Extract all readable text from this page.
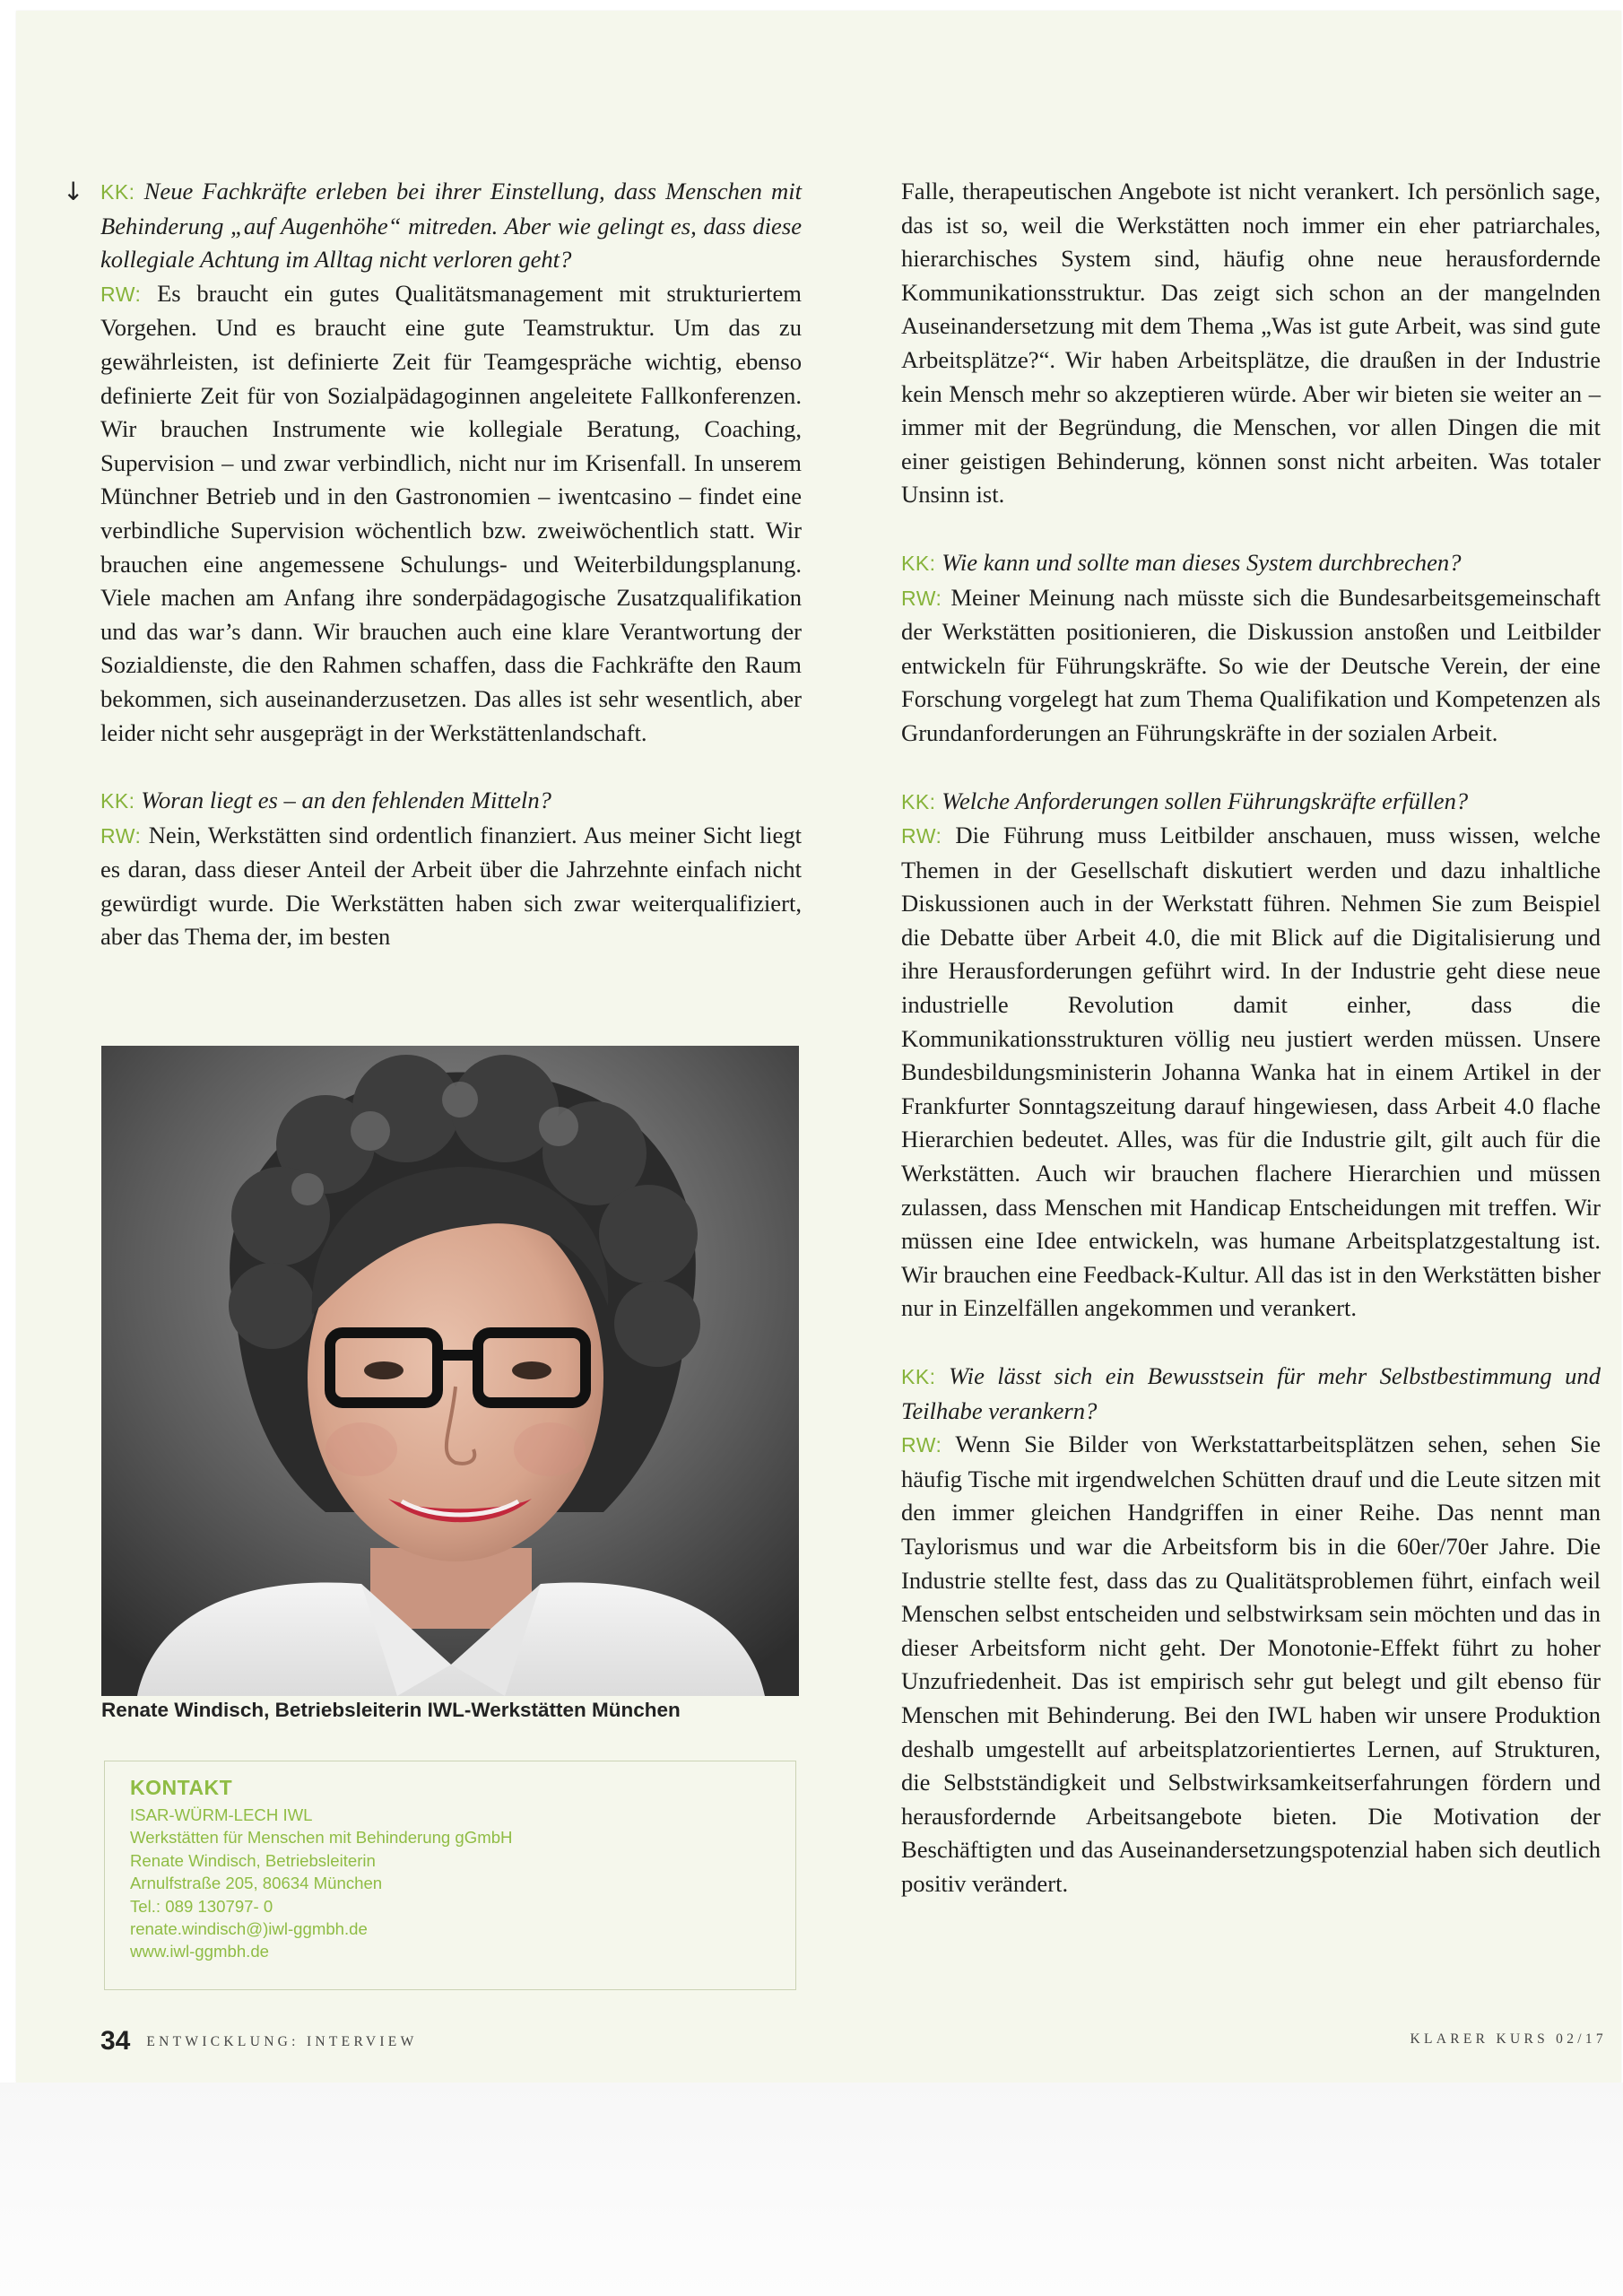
↓ KK: Neue Fachkräfte erleben bei ihrer Einstellung, dass Menschen mit Behinderung „auf Augenhöhe“ mitreden. Aber wie gelingt es, dass diese kollegiale Achtung im Alltag nicht verloren geht?

RW: Es braucht ein gutes Qualitätsmanagement mit strukturiertem Vorgehen. Und es braucht eine gute Teamstruktur. Um das zu gewährleisten, ist definierte Zeit für Teamgespräche wichtig, ebenso definierte Zeit für von Sozialpädagoginnen angeleitete Fallkonferenzen. Wir brauchen Instrumente wie kollegiale Beratung, Coaching, Supervision – und zwar verbindlich, nicht nur im Krisenfall. In unserem Münchner Betrieb und in den Gastronomien – iwentcasino – findet eine verbindliche Supervision wöchentlich bzw. zweiwöchentlich statt. Wir brauchen eine angemessene Schulungs- und Weiterbildungsplanung. Viele machen am Anfang ihre sonderpädagogische Zusatzqualifikation und das war’s dann. Wir brauchen auch eine klare Verantwortung der Sozialdienste, die den Rahmen schaffen, dass die Fachkräfte den Raum bekommen, sich auseinanderzusetzen. Das alles ist sehr wesentlich, aber leider nicht sehr ausgeprägt in der Werkstättenlandschaft.

KK: Woran liegt es – an den fehlenden Mitteln?

RW: Nein, Werkstätten sind ordentlich finanziert. Aus meiner Sicht liegt es daran, dass dieser Anteil der Arbeit über die Jahrzehnte einfach nicht gewürdigt wurde. Die Werkstätten haben sich zwar weiterqualifiziert, aber das Thema der, im besten

Renate Windisch, Betriebsleiterin IWL-Werkstätten München
KONTAKT
ISAR-WÜRM-LECH IWL
Werkstätten für Menschen mit Behinderung gGmbH
Renate Windisch, Betriebsleiterin
Arnulfstraße 205, 80634 München
Tel.: 089 130797- 0
renate.windisch@)iwl-ggmbh.de
www.iwl-ggmbh.de

Falle, therapeutischen Angebote ist nicht verankert. Ich persönlich sage, das ist so, weil die Werkstätten noch immer ein eher patriarchales, hierarchisches System sind, häufig ohne neue herausfordernde Kommunikationsstruktur. Das zeigt sich schon an der mangelnden Auseinandersetzung mit dem Thema „Was ist gute Arbeit, was sind gute Arbeitsplätze?“. Wir haben Arbeitsplätze, die draußen in der Industrie kein Mensch mehr so akzeptieren würde. Aber wir bieten sie weiter an – immer mit der Begründung, die Menschen, vor allen Dingen die mit einer geistigen Behinderung, können sonst nicht arbeiten. Was totaler Unsinn ist.

KK: Wie kann und sollte man dieses System durchbrechen?

RW: Meiner Meinung nach müsste sich die Bundesarbeitsgemeinschaft der Werkstätten positionieren, die Diskussion anstoßen und Leitbilder entwickeln für Führungskräfte. So wie der Deutsche Verein, der eine Forschung vorgelegt hat zum Thema Qualifikation und Kompetenzen als Grundanforderungen an Führungskräfte in der sozialen Arbeit.

KK: Welche Anforderungen sollen Führungskräfte erfüllen?

RW: Die Führung muss Leitbilder anschauen, muss wissen, welche Themen in der Gesellschaft diskutiert werden und dazu inhaltliche Diskussionen auch in der Werkstatt führen. Nehmen Sie zum Beispiel die Debatte über Arbeit 4.0, die mit Blick auf die Digitalisierung und ihre Herausforderungen geführt wird. In der Industrie geht diese neue industrielle Revolution damit einher, dass die Kommunikationsstrukturen völlig neu justiert werden müssen. Unsere Bundesbildungsministerin Johanna Wanka hat in einem Artikel in der Frankfurter Sonntagszeitung darauf hingewiesen, dass Arbeit 4.0 flache Hierarchien bedeutet. Alles, was für die Industrie gilt, gilt auch für die Werkstätten. Auch wir brauchen flachere Hierarchien und müssen zulassen, dass Menschen mit Handicap Entscheidungen mit treffen. Wir müssen eine Idee entwickeln, was humane Arbeitsplatzgestaltung ist. Wir brauchen eine Feedback-Kultur. All das ist in den Werkstätten bisher nur in Einzelfällen angekommen und verankert.

KK: Wie lässt sich ein Bewusstsein für mehr Selbstbestimmung und Teilhabe verankern?

RW: Wenn Sie Bilder von Werkstattarbeitsplätzen sehen, sehen Sie häufig Tische mit irgendwelchen Schütten drauf und die Leute sitzen mit den immer gleichen Handgriffen in einer Reihe. Das nennt man Taylorismus und war die Arbeitsform bis in die 60er/70er Jahre. Die Industrie stellte fest, dass das zu Qualitätsproblemen führt, einfach weil Menschen selbst entscheiden und selbstwirksam sein möchten und das in dieser Arbeitsform nicht geht. Der Monotonie-Effekt führt zu hoher Unzufriedenheit. Das ist empirisch sehr gut belegt und gilt ebenso für Menschen mit Behinderung. Bei den IWL haben wir unsere Produktion deshalb umgestellt auf arbeitsplatzorientiertes Lernen, auf Strukturen, die Selbstständigkeit und Selbstwirksamkeitserfahrungen fördern und herausfordernde Arbeitsangebote bieten. Die Motivation der Beschäftigten und das Auseinandersetzungspotenzial haben sich deutlich positiv verändert.

34 ENTWICKLUNG: INTERVIEW	KLARER KURS 02/17
